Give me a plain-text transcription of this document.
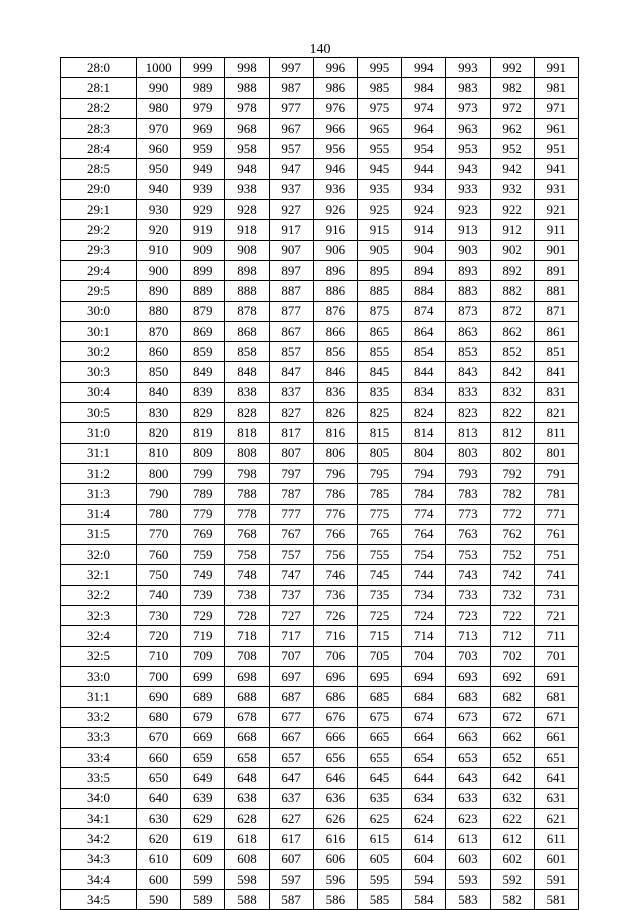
140
28:0	1000	999	998	997	996	995	994	993	992	991
28:1	990	989	988	987	986	985	984	983	982	981
28:2	980	979	978	977	976	975	974	973	972	971
28:3	970	969	968	967	966	965	964	963	962	961
28:4	960	959	958	957	956	955	954	953	952	951
28:5	950	949	948	947	946	945	944	943	942	941
29:0	940	939	938	937	936	935	934	933	932	931
29:1	930	929	928	927	926	925	924	923	922	921
29:2	920	919	918	917	916	915	914	913	912	911
29:3	910	909	908	907	906	905	904	903	902	901
29:4	900	899	898	897	896	895	894	893	892	891
29:5	890	889	888	887	886	885	884	883	882	881
30:0	880	879	878	877	876	875	874	873	872	871
30:1	870	869	868	867	866	865	864	863	862	861
30:2	860	859	858	857	856	855	854	853	852	851
30:3	850	849	848	847	846	845	844	843	842	841
30:4	840	839	838	837	836	835	834	833	832	831
30:5	830	829	828	827	826	825	824	823	822	821
31:0	820	819	818	817	816	815	814	813	812	811
31:1	810	809	808	807	806	805	804	803	802	801
31:2	800	799	798	797	796	795	794	793	792	791
31:3	790	789	788	787	786	785	784	783	782	781
31:4	780	779	778	777	776	775	774	773	772	771
31:5	770	769	768	767	766	765	764	763	762	761
32:0	760	759	758	757	756	755	754	753	752	751
32:1	750	749	748	747	746	745	744	743	742	741
32:2	740	739	738	737	736	735	734	733	732	731
32:3	730	729	728	727	726	725	724	723	722	721
32:4	720	719	718	717	716	715	714	713	712	711
32:5	710	709	708	707	706	705	704	703	702	701
33:0	700	699	698	697	696	695	694	693	692	691
31:1	690	689	688	687	686	685	684	683	682	681
33:2	680	679	678	677	676	675	674	673	672	671
33:3	670	669	668	667	666	665	664	663	662	661
33:4	660	659	658	657	656	655	654	653	652	651
33:5	650	649	648	647	646	645	644	643	642	641
34:0	640	639	638	637	636	635	634	633	632	631
34:1	630	629	628	627	626	625	624	623	622	621
34:2	620	619	618	617	616	615	614	613	612	611
34:3	610	609	608	607	606	605	604	603	602	601
34:4	600	599	598	597	596	595	594	593	592	591
34:5	590	589	588	587	586	585	584	583	582	581
